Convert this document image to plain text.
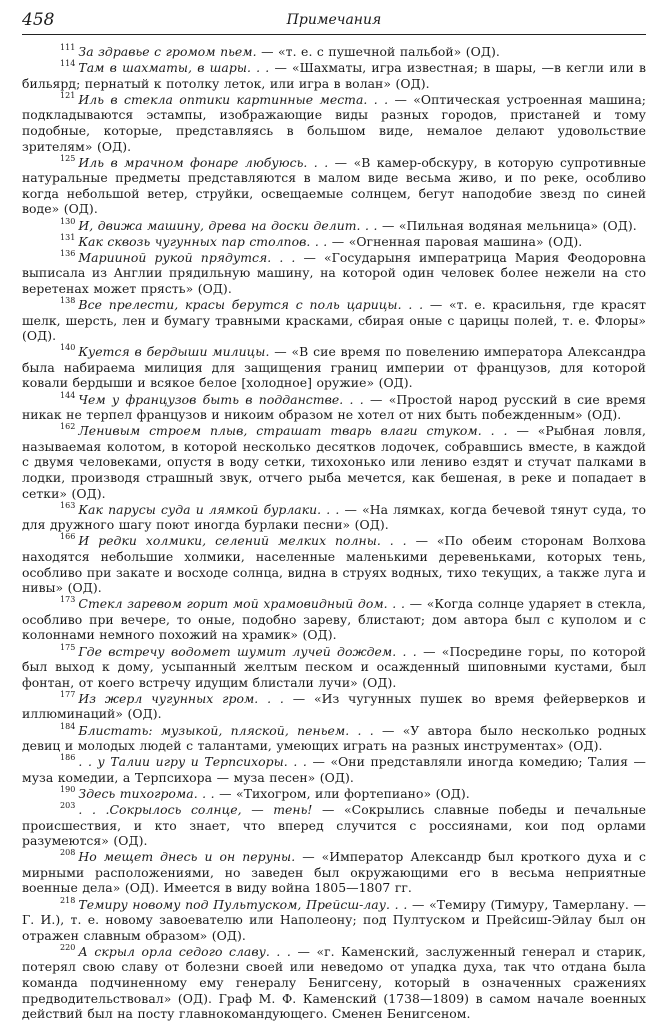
458	Примечания

111 За здравье с громом пьем. — «т. е. с пушечной пальбой» (ОД).

114 Там в шахматы, в шары. . . — «Шахматы, игра известная; в шары, —в кегли или в бильярд; пернатый к потолку леток, или игра в волан» (ОД).

121 Иль в стекла оптики картинные места. . . — «Оптическая устроенная машина; подкладываются эстампы, изображающие виды разных городов, пристаней и тому подобные, которые, представляясь в большом виде, немалое делают удовольствие зрителям» (ОД).

125 Иль в мрачном фонаре любуюсь. . . — «В камер-обскуру, в которую супротивные натуральные предметы представляются в малом виде весьма живо, и по реке, особливо когда небольшой ветер, струйки, освещаемые солнцем, бегут наподобие звезд по синей воде» (ОД).

130 И, движа машину, древа на доски делит. . . — «Пильная водяная мельница» (ОД).

131 Как сквозь чугунных пар столпов. . . — «Огненная паровая машина» (ОД).

136 Марииной рукой прядутся. . . — «Государыня императрица Мария Феодоровна выписала из Англии прядильную машину, на которой один человек более нежели на сто веретенах может прясть» (ОД).

138 Все прелести, красы берутся с поль царицы. . . — «т. е. красильня, где красят шелк, шерсть, лен и бумагу травными красками, сбирая оные с царицы полей, т. е. Флоры» (ОД).

140 Куется в бердыши милицы. — «В сие время по повелению императора Александра была набираема милиция для защищения границ империи от французов, для которой ковали бердыши и всякое белое [холодное] оружие» (ОД).

144 Чем у французов быть в подданстве. . . — «Простой народ русский в сие время никак не терпел французов и никоим образом не хотел от них быть побежденным» (ОД).

162 Ленивым строем плыв, страшат тварь влаги стуком. . . — «Рыбная ловля, называемая колотом, в которой несколько десятков лодочек, собравшись вместе, в каждой с двумя человеками, опустя в воду сетки, тихохонько или лениво ездят и стучат палками в лодки, производя страшный звук, отчего рыба мечется, как бешеная, в реке и попадает в сетки» (ОД).

163 Как парусы суда и лямкой бурлаки. . . — «На лямках, когда бечевой тянут суда, то для дружного шагу поют иногда бурлаки песни» (ОД).

166 И редки холмики, селений мелких полны. . . — «По обеим сторонам Волхова находятся небольшие холмики, населенные маленькими деревеньками, которых тень, особливо при закате и восходе солнца, видна в струях водных, тихо текущих, а также луга и нивы» (ОД).

173 Стекл заревом горит мой храмовидный дом. . . — «Когда солнце ударяет в стекла, особливо при вечере, то оные, подобно зареву, блистают; дом автора был с куполом и с колоннами немного похожий на храмик» (ОД).

175 Где встречу водомет шумит лучей дождем. . . — «Посредине горы, по которой был выход к дому, усыпанный желтым песком и осажденный шиповными кустами, был фонтан, от коего встречу идущим блистали лучи» (ОД).

177 Из жерл чугунных гром. . . — «Из чугунных пушек во время фейерверков и иллюминаций» (ОД).

184 Блистать: музыкой, пляской, пеньем. . . — «У автора было несколько родных девиц и молодых людей с талантами, умеющих играть на разных инструментах» (ОД).

186 . . у Талии игру и Терпсихоры. . . — «Они представляли иногда комедию; Талия — муза комедии, а Терпсихора — муза песен» (ОД).

190 Здесь тихогрома. . . — «Тихогром, или фортепиано» (ОД).

203 . . .Сокрылось солнце, — тень! — «Сокрылись славные победы и печальные происшествия, и кто знает, что вперед случится с россиянами, кои под орлами разумеются» (ОД).

208 Но мещет днесь и он перуны. — «Император Александр был кроткого духа и с мирными расположениями, но заведен был окружающими его в весьма неприятные военные дела» (ОД). Имеется в виду война 1805—1807 гг.

218 Темиру новому под Пультуском, Прейсш-лау. . . — «Темиру (Тимуру, Тамерлану. — Г. И.), т. е. новому завоевателю или Наполеону; под Пултуском и Прейсиш-Эйлау был он отражен славным образом» (ОД).

220 А скрыл орла седого славу. . . — «г. Каменский, заслуженный генерал и старик, потерял свою славу от болезни своей или неведомо от упадка духа, так что отдана была команда подчиненному ему генералу Бенигсену, который в означенных сражениях предводительствовал» (ОД). Граф М. Ф. Каменский (1738—1809) в самом начале военных действий был на посту главнокомандующего. Сменен Бенигсеном.
